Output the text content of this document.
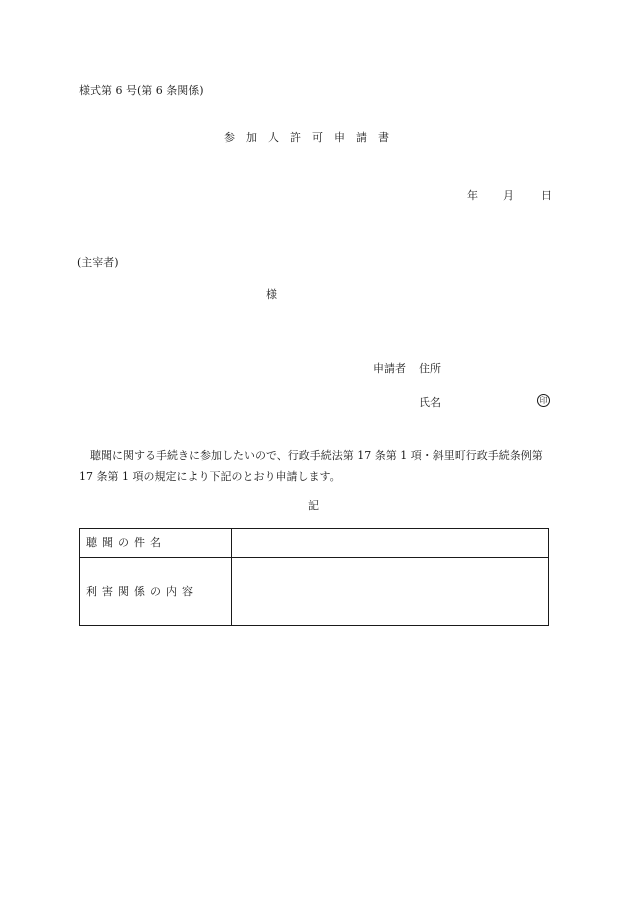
様式第 6 号(第 6 条関係)
参加人許可申請書
年 月 日
(主宰者)
様
申請者 住所
氏名	印
　聴聞に関する手続きに参加したいので、行政手続法第 17 条第 1 項・斜里町行政手続条例第 17 条第 1 項の規定により下記のとおり申請します。
記
聴聞の件名	
利害関係の内容	
